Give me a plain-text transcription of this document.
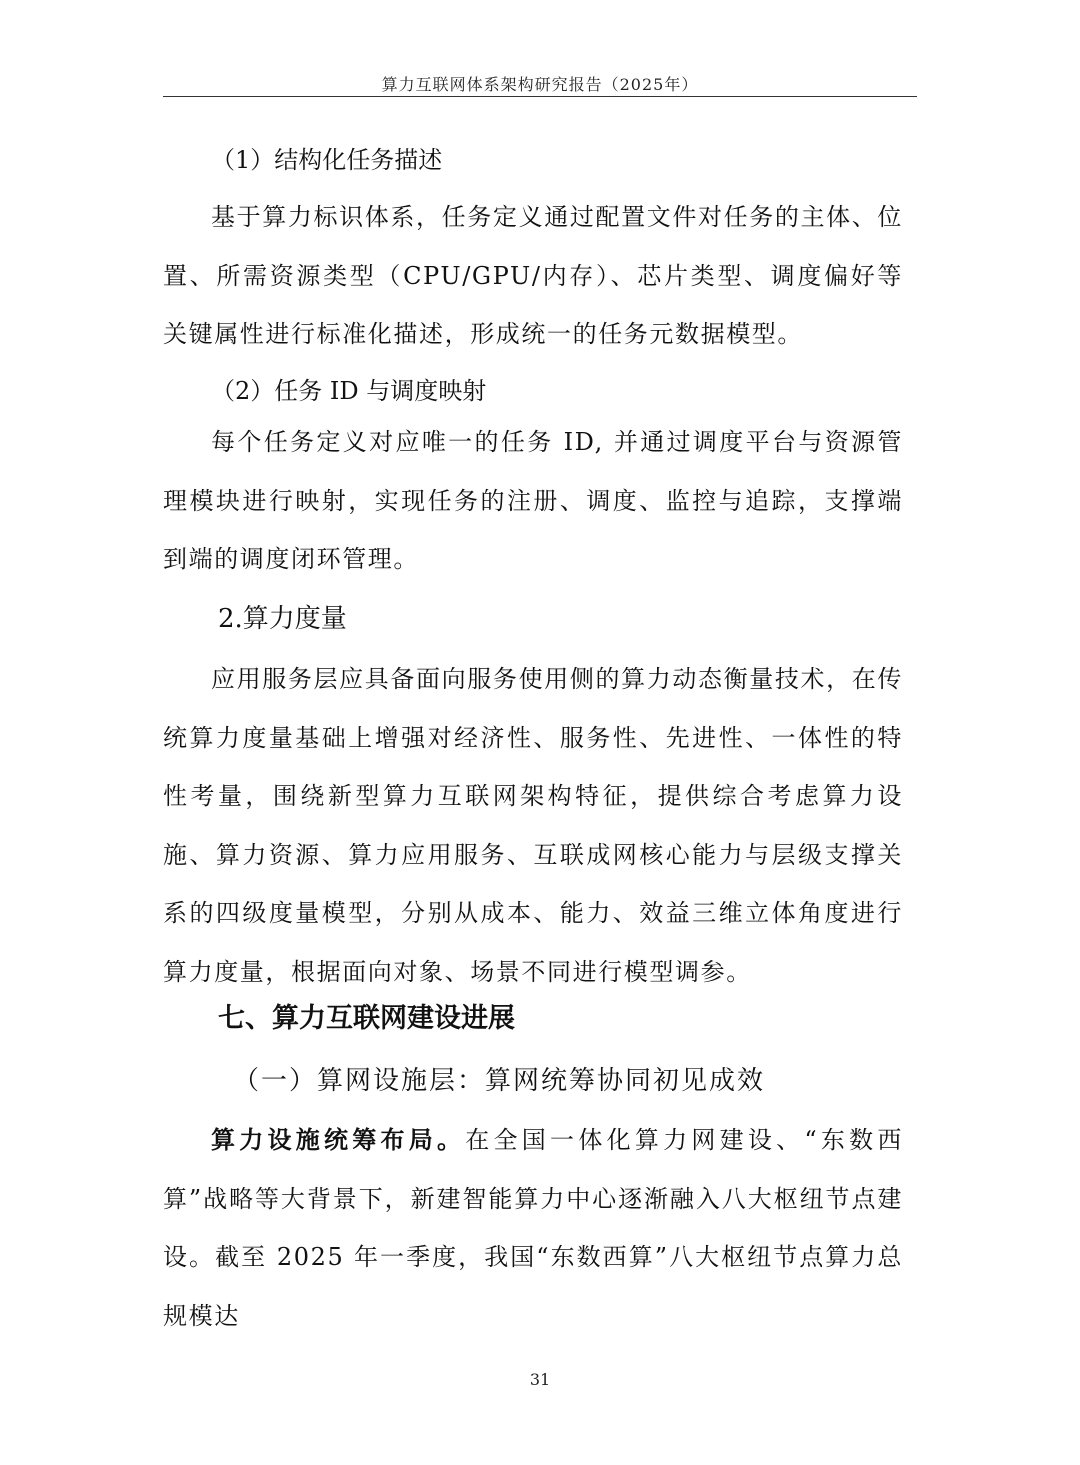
算力互联网体系架构研究报告（2025年）

（1）结构化任务描述

基于算力标识体系，任务定义通过配置文件对任务的主体、位置、所需资源类型（CPU/GPU/内存）、芯片类型、调度偏好等关键属性进行标准化描述，形成统一的任务元数据模型。

（2）任务 ID 与调度映射

每个任务定义对应唯一的任务 ID, 并通过调度平台与资源管理模块进行映射，实现任务的注册、调度、监控与追踪，支撑端到端的调度闭环管理。

2.算力度量

应用服务层应具备面向服务使用侧的算力动态衡量技术，在传统算力度量基础上增强对经济性、服务性、先进性、一体性的特性考量，围绕新型算力互联网架构特征，提供综合考虑算力设施、算力资源、算力应用服务、互联成网核心能力与层级支撑关系的四级度量模型，分别从成本、能力、效益三维立体角度进行算力度量，根据面向对象、场景不同进行模型调参。

七、算力互联网建设进展

（一）算网设施层：算网统筹协同初见成效

算力设施统筹布局。在全国一体化算力网建设、“东数西算”战略等大背景下，新建智能算力中心逐渐融入八大枢纽节点建设。截至 2025 年一季度，我国“东数西算”八大枢纽节点算力总规模达

31
